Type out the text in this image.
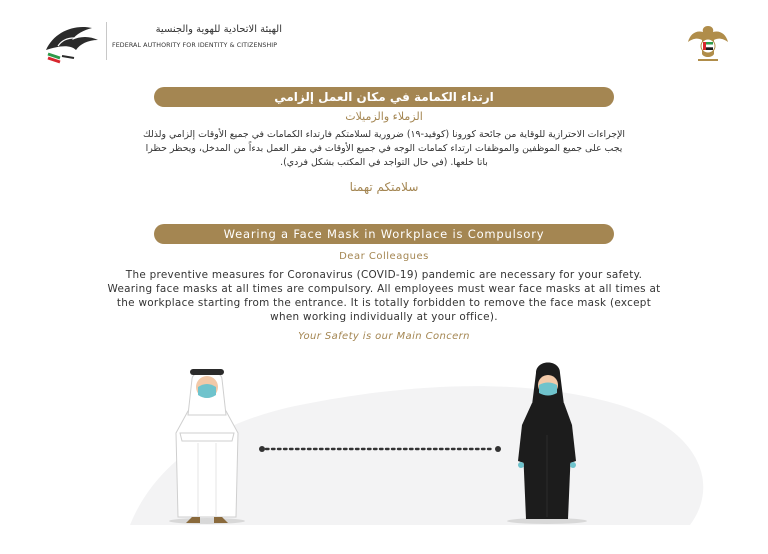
الهيئة الاتحادية للهوية والجنسية
FEDERAL AUTHORITY FOR IDENTITY & CITIZENSHIP
ارتداء الكمامة في مكان العمل إلزامي
الزملاء والزميلات
الإجراءات الاحترازية للوقاية من جائحة كورونا (كوفيد-١٩) ضرورية لسلامتكم فارتداء الكمامات في جميع الأوقات إلزامي ولذلك
يجب على جميع الموظفين والموظفات ارتداء كمامات الوجه في جميع الأوقات في مقر العمل بدءاً من المدخل، ويحظر حظرا
باتا خلعها. (في حال التواجد في المكتب بشكل فردي).
سلامتكم تهمنا
Wearing a Face Mask in Workplace is Compulsory
Dear Colleagues
The preventive measures for Coronavirus (COVID-19) pandemic are necessary for your safety.
Wearing face masks at all times are compulsory. All employees must wear face masks at all times at
the workplace starting from the entrance. It is totally forbidden to remove the face mask (except
when working individually at your office).
Your Safety is our Main Concern
